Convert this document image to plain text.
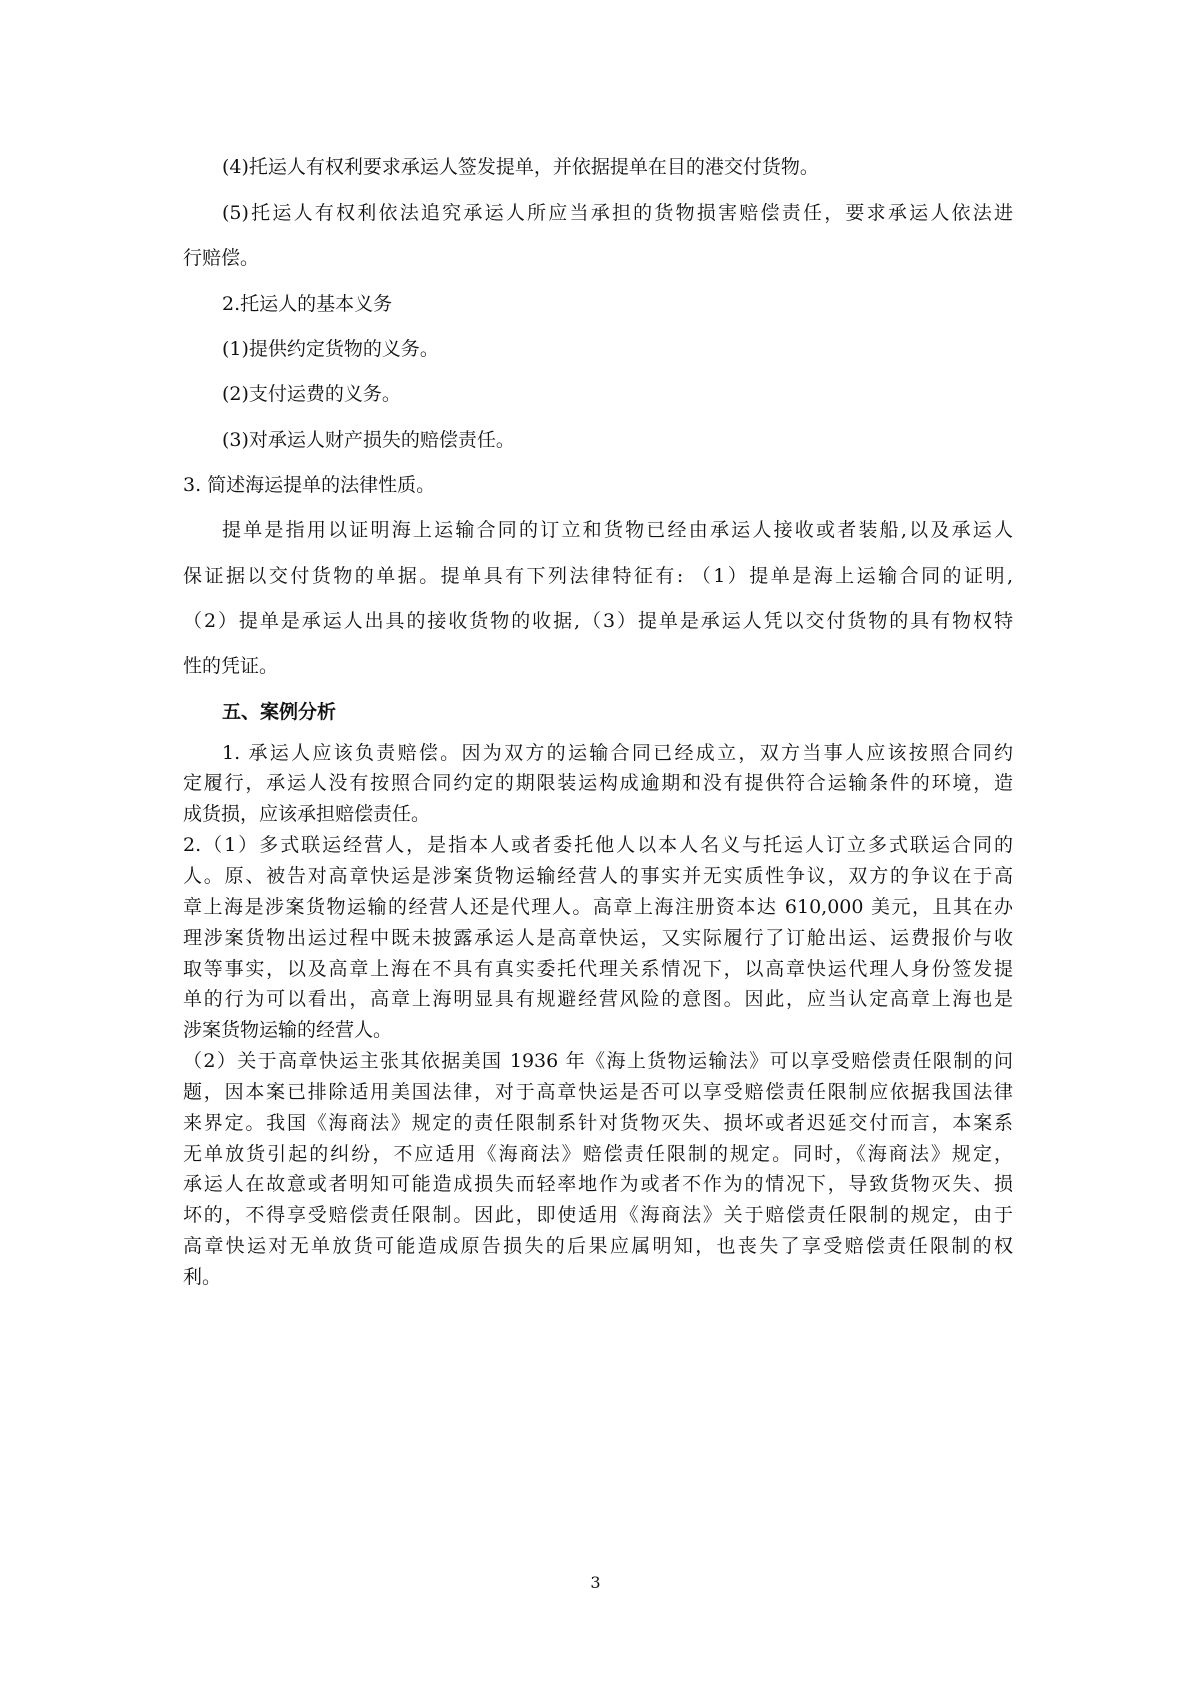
(4)托运人有权利要求承运人签发提单，并依据提单在目的港交付货物。
(5)托运人有权利依法追究承运人所应当承担的货物损害赔偿责任，要求承运人依法进
行赔偿。
2.托运人的基本义务
(1)提供约定货物的义务。
(2)支付运费的义务。
(3)对承运人财产损失的赔偿责任。
3. 简述海运提单的法律性质。
提单是指用以证明海上运输合同的订立和货物已经由承运人接收或者装船,以及承运人
保证据以交付货物的单据。提单具有下列法律特征有: （1）提单是海上运输合同的证明,
（2）提单是承运人出具的接收货物的收据,（3）提单是承运人凭以交付货物的具有物权特
性的凭证。
五、案例分析
1. 承运人应该负责赔偿。因为双方的运输合同已经成立，双方当事人应该按照合同约
定履行，承运人没有按照合同约定的期限装运构成逾期和没有提供符合运输条件的环境，造
成货损，应该承担赔偿责任。
2.（1）多式联运经营人，是指本人或者委托他人以本人名义与托运人订立多式联运合同的
人。原、被告对高章快运是涉案货物运输经营人的事实并无实质性争议，双方的争议在于高
章上海是涉案货物运输的经营人还是代理人。高章上海注册资本达 610,000 美元，且其在办
理涉案货物出运过程中既未披露承运人是高章快运，又实际履行了订舱出运、运费报价与收
取等事实，以及高章上海在不具有真实委托代理关系情况下，以高章快运代理人身份签发提
单的行为可以看出，高章上海明显具有规避经营风险的意图。因此，应当认定高章上海也是
涉案货物运输的经营人。
（2）关于高章快运主张其依据美国 1936 年《海上货物运输法》可以享受赔偿责任限制的问
题，因本案已排除适用美国法律，对于高章快运是否可以享受赔偿责任限制应依据我国法律
来界定。我国《海商法》规定的责任限制系针对货物灭失、损坏或者迟延交付而言，本案系
无单放货引起的纠纷，不应适用《海商法》赔偿责任限制的规定。同时，《海商法》规定，
承运人在故意或者明知可能造成损失而轻率地作为或者不作为的情况下，导致货物灭失、损
坏的，不得享受赔偿责任限制。因此，即使适用《海商法》关于赔偿责任限制的规定，由于
高章快运对无单放货可能造成原告损失的后果应属明知，也丧失了享受赔偿责任限制的权
利。
3
